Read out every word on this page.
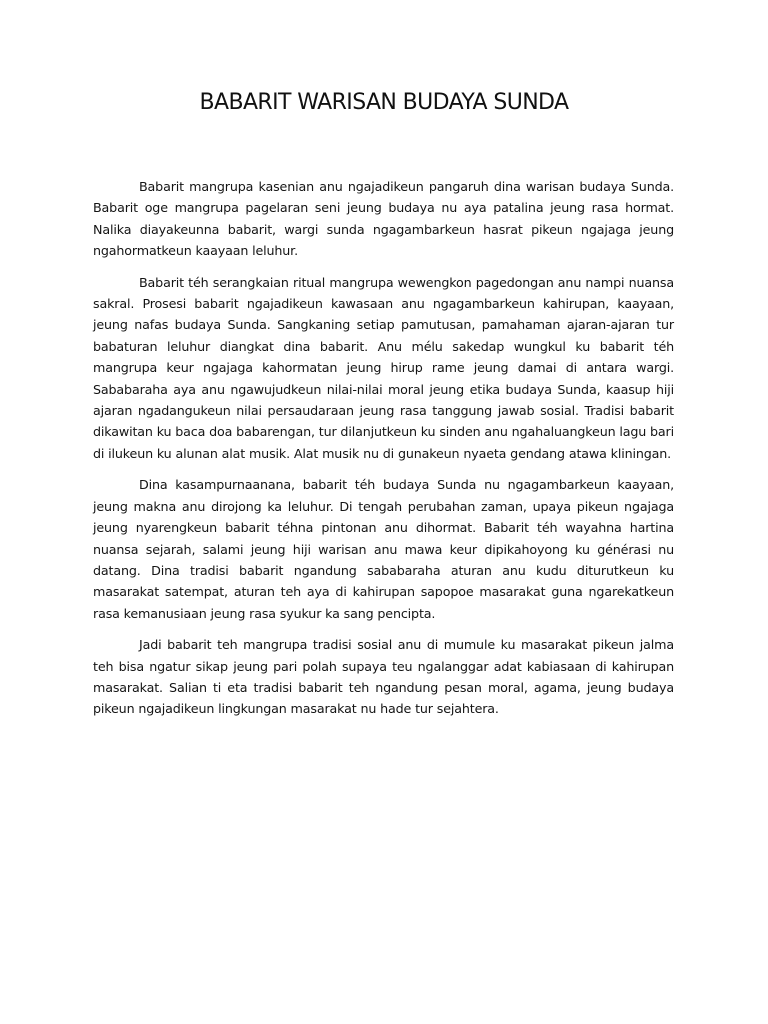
BABARIT WARISAN BUDAYA SUNDA

Babarit mangrupa kasenian anu ngajadikeun pangaruh dina warisan budaya Sunda. Babarit oge mangrupa pagelaran seni jeung budaya nu aya patalina jeung rasa hormat. Nalika diayakeunna babarit, wargi sunda ngagambarkeun hasrat pikeun ngajaga jeung ngahormatkeun kaayaan leluhur.

Babarit téh serangkaian ritual mangrupa wewengkon pagedongan anu nampi nuansa sakral. Prosesi babarit ngajadikeun kawasaan anu ngagambarkeun kahirupan, kaayaan, jeung nafas budaya Sunda. Sangkaning setiap pamutusan, pamahaman ajaran-ajaran tur babaturan leluhur diangkat dina babarit. Anu mélu sakedap wungkul ku babarit téh mangrupa keur ngajaga kahormatan jeung hirup rame jeung damai di antara wargi. Sababaraha aya anu ngawujudkeun nilai-nilai moral jeung etika budaya Sunda, kaasup hiji ajaran ngadangukeun nilai persaudaraan jeung rasa tanggung jawab sosial. Tradisi babarit dikawitan ku baca doa babarengan, tur dilanjutkeun ku sinden anu ngahaluangkeun lagu bari di ilukeun ku alunan alat musik. Alat musik nu di gunakeun nyaeta gendang atawa kliningan.

Dina kasampurnaanana, babarit téh budaya Sunda nu ngagambarkeun kaayaan, jeung makna anu dirojong ka leluhur. Di tengah perubahan zaman, upaya pikeun ngajaga jeung nyarengkeun babarit téhna pintonan anu dihormat. Babarit téh wayahna hartina nuansa sejarah, salami jeung hiji warisan anu mawa keur dipikahoyong ku générasi nu datang. Dina tradisi babarit ngandung sababaraha aturan anu kudu diturutkeun ku masarakat satempat, aturan teh aya di kahirupan sapopoe masarakat guna ngarekatkeun rasa kemanusiaan jeung rasa syukur ka sang pencipta.

Jadi babarit teh mangrupa tradisi sosial anu di mumule ku masarakat pikeun jalma teh bisa ngatur sikap jeung pari polah supaya teu ngalanggar adat kabiasaan di kahirupan masarakat. Salian ti eta tradisi babarit teh ngandung pesan moral, agama, jeung budaya pikeun ngajadikeun lingkungan masarakat nu hade tur sejahtera.
